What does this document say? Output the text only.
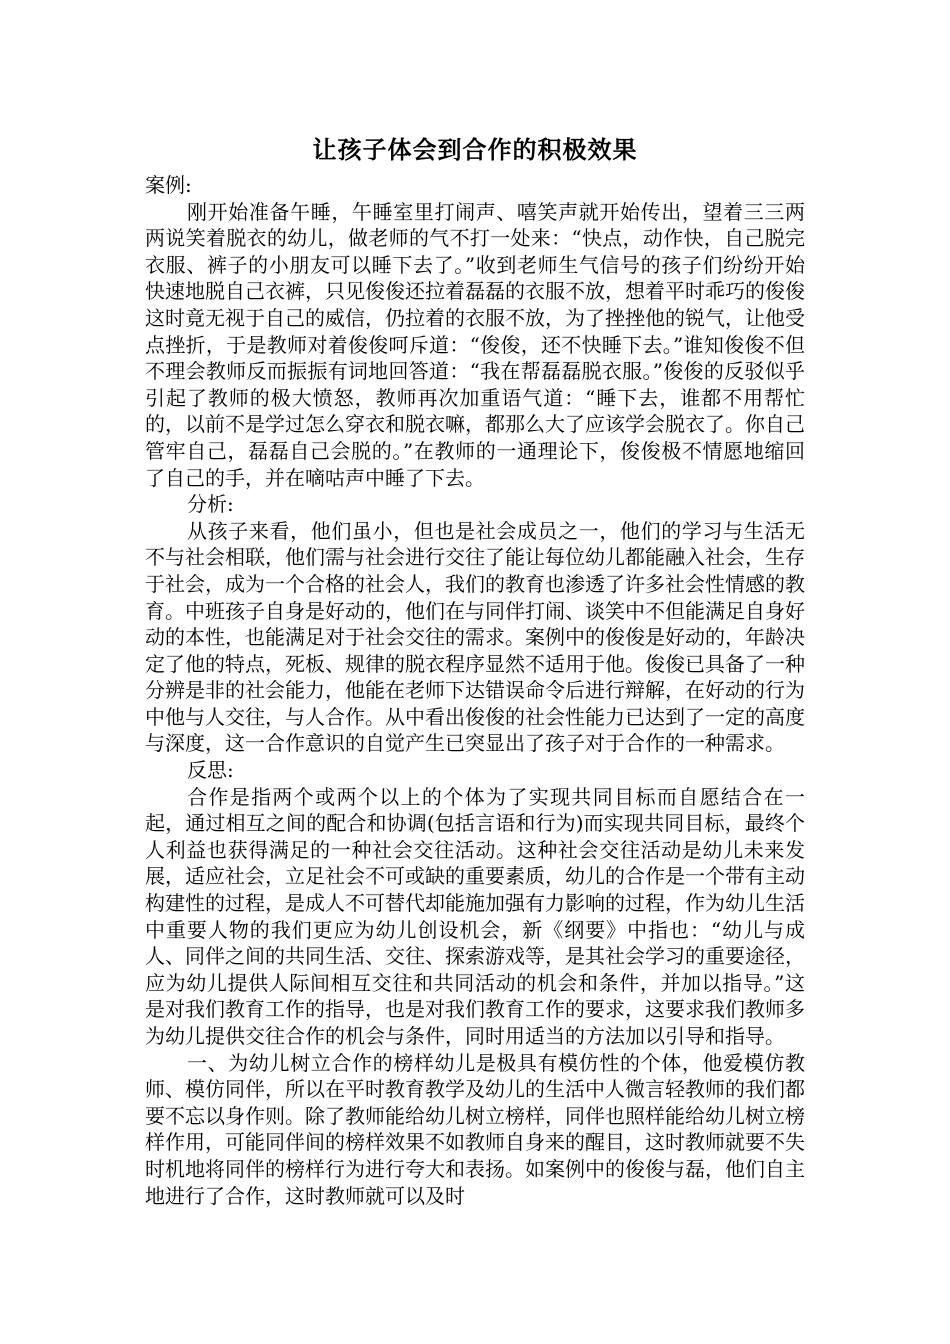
让孩子体会到合作的积极效果

案例:

刚开始准备午睡，午睡室里打闹声、嘻笑声就开始传出，望着三三两两说笑着脱衣的幼儿，做老师的气不打一处来：“快点，动作快，自己脱完衣服、裤子的小朋友可以睡下去了。”收到老师生气信号的孩子们纷纷开始快速地脱自己衣裤，只见俊俊还拉着磊磊的衣服不放，想着平时乖巧的俊俊这时竟无视于自己的威信，仍拉着的衣服不放，为了挫挫他的锐气，让他受点挫折，于是教师对着俊俊呵斥道：“俊俊，还不快睡下去。”谁知俊俊不但不理会教师反而振振有词地回答道：“我在帮磊磊脱衣服。”俊俊的反驳似乎引起了教师的极大愤怒，教师再次加重语气道：“睡下去，谁都不用帮忙的，以前不是学过怎么穿衣和脱衣嘛，都那么大了应该学会脱衣了。你自己管牢自己，磊磊自己会脱的。”在教师的一通理论下，俊俊极不情愿地缩回了自己的手，并在嘀咕声中睡了下去。

分析:

从孩子来看，他们虽小，但也是社会成员之一，他们的学习与生活无不与社会相联，他们需与社会进行交往了能让每位幼儿都能融入社会，生存于社会，成为一个合格的社会人，我们的教育也渗透了许多社会性情感的教育。中班孩子自身是好动的，他们在与同伴打闹、谈笑中不但能满足自身好动的本性，也能满足对于社会交往的需求。案例中的俊俊是好动的，年龄决定了他的特点，死板、规律的脱衣程序显然不适用于他。俊俊已具备了一种分辨是非的社会能力，他能在老师下达错误命令后进行辩解，在好动的行为中他与人交往，与人合作。从中看出俊俊的社会性能力已达到了一定的高度与深度，这一合作意识的自觉产生已突显出了孩子对于合作的一种需求。

反思:

合作是指两个或两个以上的个体为了实现共同目标而自愿结合在一起，通过相互之间的配合和协调(包括言语和行为)而实现共同目标，最终个人利益也获得满足的一种社会交往活动。这种社会交往活动是幼儿未来发展，适应社会，立足社会不可或缺的重要素质，幼儿的合作是一个带有主动构建性的过程，是成人不可替代却能施加强有力影响的过程，作为幼儿生活中重要人物的我们更应为幼儿创设机会，新《纲要》中指也：“幼儿与成人、同伴之间的共同生活、交往、探索游戏等，是其社会学习的重要途径，应为幼儿提供人际间相互交往和共同活动的机会和条件，并加以指导。”这是对我们教育工作的指导，也是对我们教育工作的要求，这要求我们教师多为幼儿提供交往合作的机会与条件，同时用适当的方法加以引导和指导。

一、为幼儿树立合作的榜样幼儿是极具有模仿性的个体，他爱模仿教师、模仿同伴，所以在平时教育教学及幼儿的生活中人微言轻教师的我们都要不忘以身作则。除了教师能给幼儿树立榜样，同伴也照样能给幼儿树立榜样作用，可能同伴间的榜样效果不如教师自身来的醒目，这时教师就要不失时机地将同伴的榜样行为进行夸大和表扬。如案例中的俊俊与磊，他们自主地进行了合作，这时教师就可以及时
